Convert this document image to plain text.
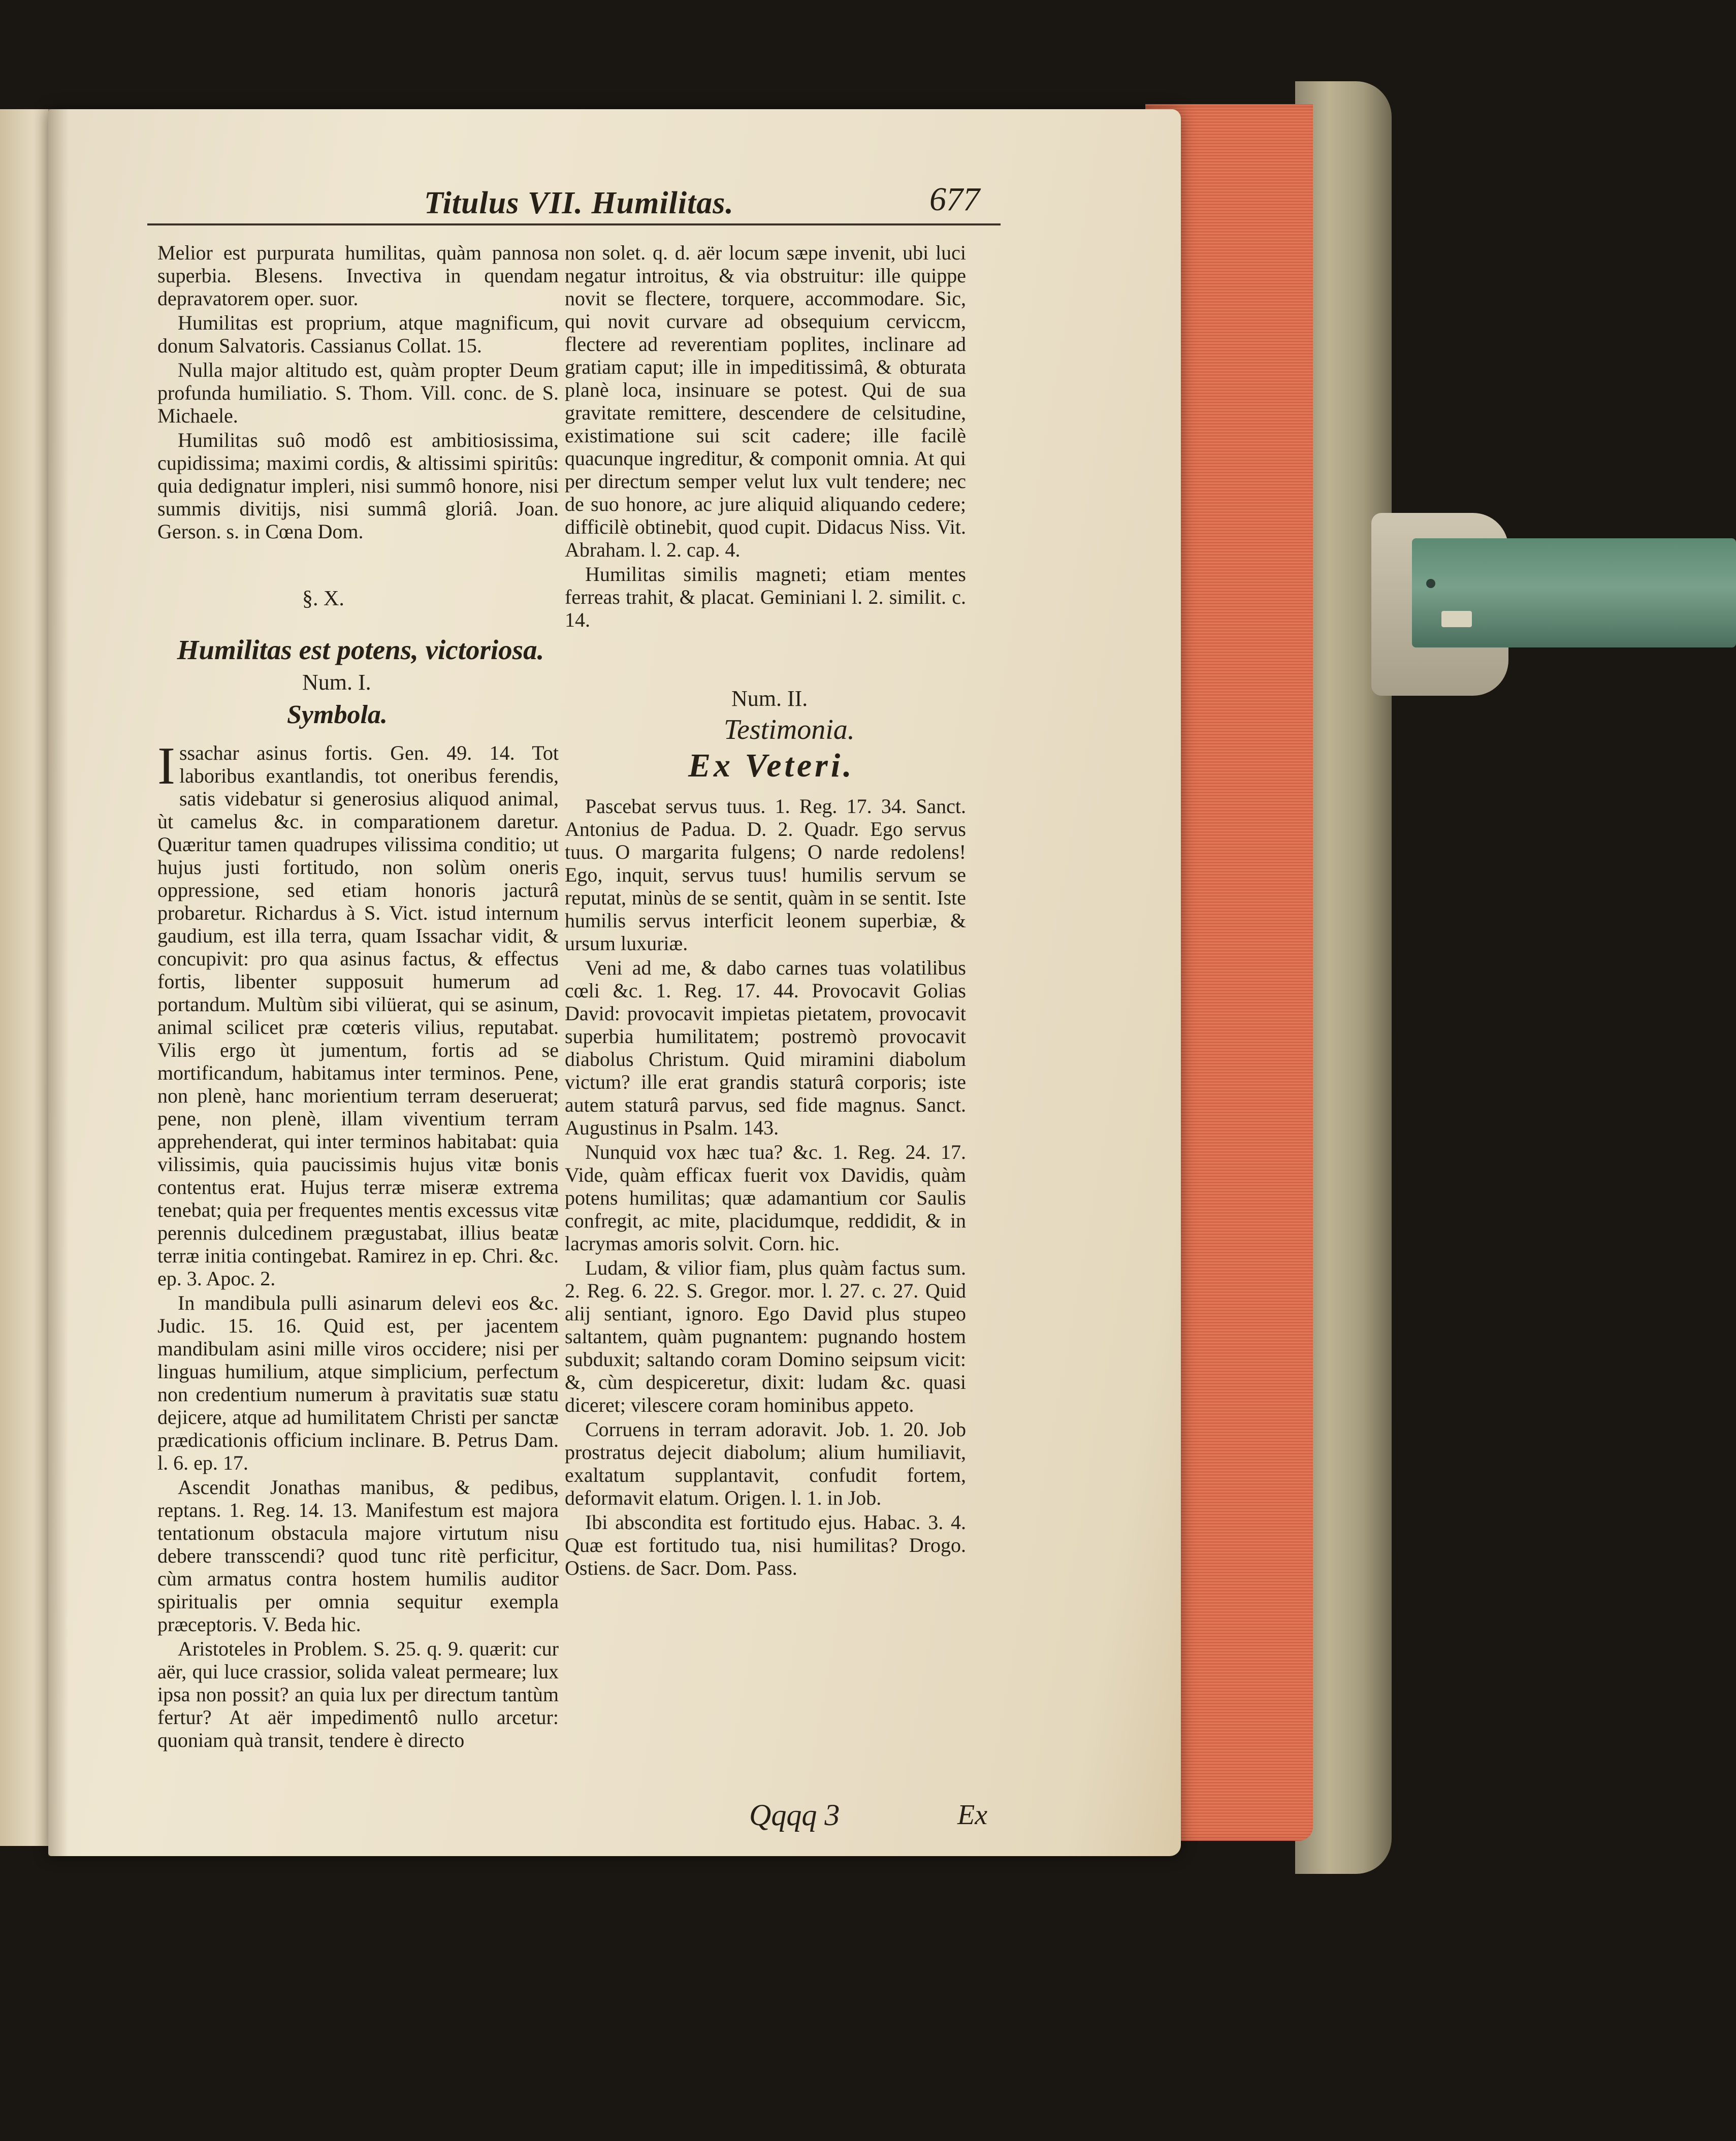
Titulus VII. Humilitas.	677

Melior est purpurata humilitas, quàm pannosa superbia. Blesens. Invectiva in quendam depravatorem oper. suor.

Humilitas est proprium, atque magnificum, donum Salvatoris. Cassianus Collat. 15.

Nulla major altitudo est, quàm propter Deum profunda humiliatio. S. Thom. Vill. conc. de S. Michaele.

Humilitas suô modô est ambitiosissima, cupidissima; maximi cordis, & altissimi spiritûs: quia dedignatur impleri, nisi summô honore, nisi summis divitijs, nisi summâ gloriâ. Joan. Gerson. s. in Cœna Dom.

§. X.
Humilitas est potens, victoriosa.
Num. I.
Symbola.

Issachar asinus fortis. Gen. 49. 14. Tot laboribus exantlandis, tot oneribus ferendis, satis videbatur si generosius aliquod animal, ùt camelus &c. in comparationem daretur. Quæritur tamen quadrupes vilissima conditio; ut hujus justi fortitudo, non solùm oneris oppressione, sed etiam honoris jacturâ probaretur. Richardus à S. Vict. istud internum gaudium, est illa terra, quam Issachar vidit, & concupivit: pro qua asinus factus, & effectus fortis, libenter supposuit humerum ad portandum. Multùm sibi vilüerat, qui se asinum, animal scilicet præ cœteris vilius, reputabat. Vilis ergo ùt jumentum, fortis ad se mortificandum, habitamus inter terminos. Pene, non plenè, hanc morientium terram deseruerat; pene, non plenè, illam viventium terram apprehenderat, qui inter terminos habitabat: quia vilissimis, quia paucissimis hujus vitæ bonis contentus erat. Hujus terræ miseræ extrema tenebat; quia per frequentes mentis excessus vitæ perennis dulcedinem prægustabat, illius beatæ terræ initia contingebat. Ramirez in ep. Chri. &c. ep. 3. Apoc. 2.

In mandibula pulli asinarum delevi eos &c. Judic. 15. 16. Quid est, per jacentem mandibulam asini mille viros occidere; nisi per linguas humilium, atque simplicium, perfectum non credentium numerum à pravitatis suæ statu dejicere, atque ad humilitatem Christi per sanctæ prædicationis officium inclinare. B. Petrus Dam. l. 6. ep. 17.

Ascendit Jonathas manibus, & pedibus, reptans. 1. Reg. 14. 13. Manifestum est majora tentationum obstacula majore virtutum nisu debere transscendi? quod tunc ritè perficitur, cùm armatus contra hostem humilis auditor spiritualis per omnia sequitur exempla præceptoris. V. Beda hic.

Aristoteles in Problem. S. 25. q. 9. quærit: cur aër, qui luce crassior, solida valeat permeare; lux ipsa non possit? an quia lux per directum tantùm fertur? At aër impedimentô nullo arcetur: quoniam quà transit, tendere è directo

non solet. q. d. aër locum sæpe invenit, ubi luci negatur introitus, & via obstruitur: ille quippe novit se flectere, torquere, accommodare. Sic, qui novit curvare ad obsequium cerviccm, flectere ad reverentiam poplites, inclinare ad gratiam caput; ille in impeditissimâ, & obturata planè loca, insinuare se potest. Qui de sua gravitate remittere, descendere de celsitudine, existimatione sui scit cadere; ille facilè quacunque ingreditur, & componit omnia. At qui per directum semper velut lux vult tendere; nec de suo honore, ac jure aliquid aliquando cedere; difficilè obtinebit, quod cupit. Didacus Niss. Vit. Abraham. l. 2. cap. 4.

Humilitas similis magneti; etiam mentes ferreas trahit, & placat. Geminiani l. 2. similit. c. 14.

Num. II.
Testimonia.
Ex Veteri.

Pascebat servus tuus. 1. Reg. 17. 34. Sanct. Antonius de Padua. D. 2. Quadr. Ego servus tuus. O margarita fulgens; O narde redolens! Ego, inquit, servus tuus! humilis servum se reputat, minùs de se sentit, quàm in se sentit. Iste humilis servus interficit leonem superbiæ, & ursum luxuriæ.

Veni ad me, & dabo carnes tuas volatilibus cœli &c. 1. Reg. 17. 44. Provocavit Golias David: provocavit impietas pietatem, provocavit superbia humilitatem; postremò provocavit diabolus Christum. Quid miramini diabolum victum? ille erat grandis staturâ corporis; iste autem staturâ parvus, sed fide magnus. Sanct. Augustinus in Psalm. 143.

Nunquid vox hæc tua? &c. 1. Reg. 24. 17. Vide, quàm efficax fuerit vox Davidis, quàm potens humilitas; quæ adamantium cor Saulis confregit, ac mite, placidumque, reddidit, & in lacrymas amoris solvit. Corn. hic.

Ludam, & vilior fiam, plus quàm factus sum. 2. Reg. 6. 22. S. Gregor. mor. l. 27. c. 27. Quid alij sentiant, ignoro. Ego David plus stupeo saltantem, quàm pugnantem: pugnando hostem subduxit; saltando coram Domino seipsum vicit: &, cùm despiceretur, dixit: ludam &c. quasi diceret; vilescere coram hominibus appeto.

Corruens in terram adoravit. Job. 1. 20. Job prostratus dejecit diabolum; alium humiliavit, exaltatum supplantavit, confudit fortem, deformavit elatum. Origen. l. 1. in Job.

Ibi abscondita est fortitudo ejus. Habac. 3. 4. Quæ est fortitudo tua, nisi humilitas? Drogo. Ostiens. de Sacr. Dom. Pass.

Qqqq 3	Ex
